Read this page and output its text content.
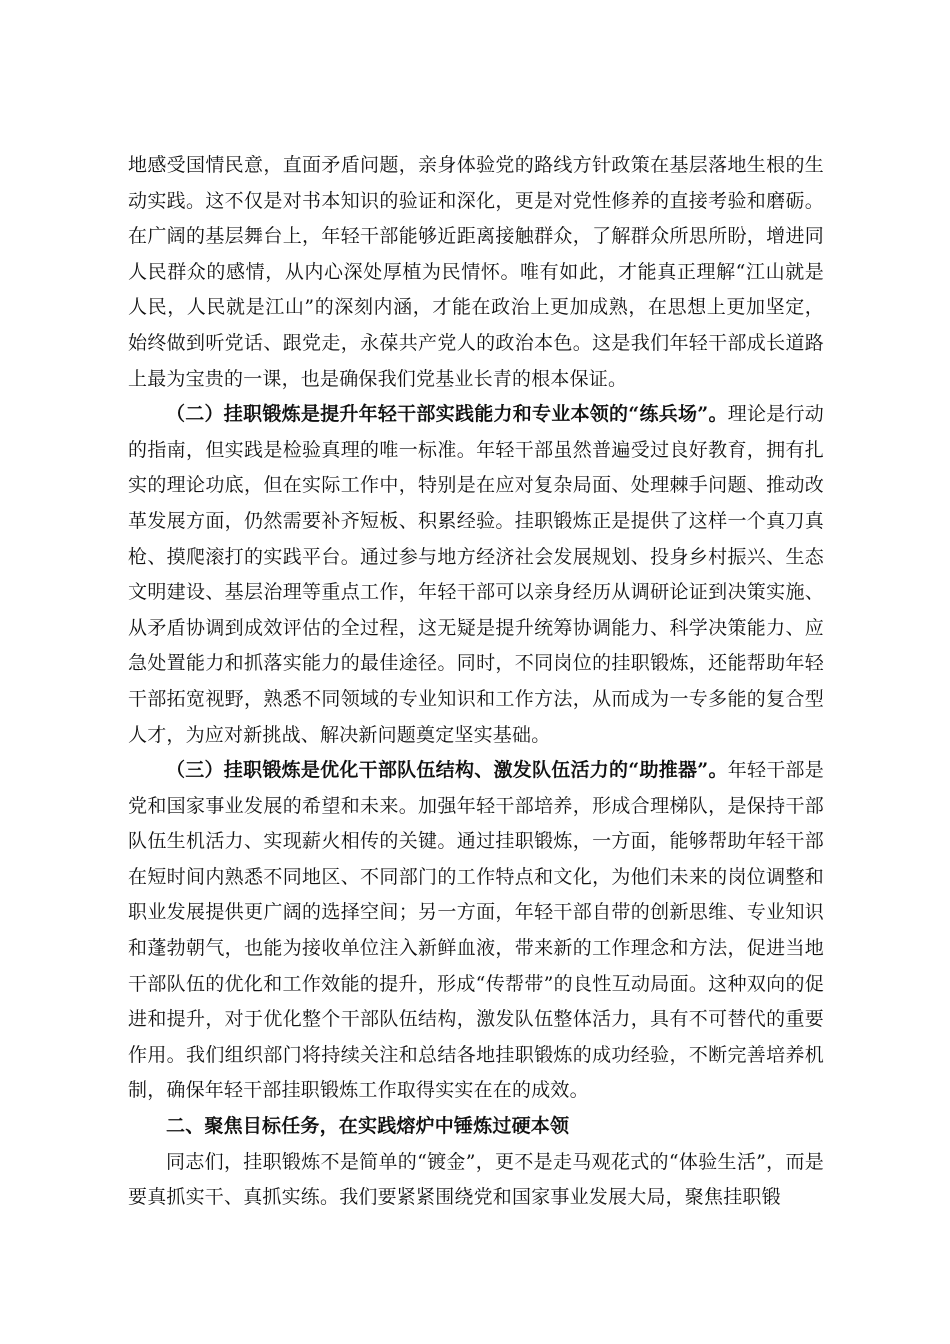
地感受国情民意，直面矛盾问题，亲身体验党的路线方针政策在基层落地生根的生动实践。这不仅是对书本知识的验证和深化，更是对党性修养的直接考验和磨砺。在广阔的基层舞台上，年轻干部能够近距离接触群众，了解群众所思所盼，增进同人民群众的感情，从内心深处厚植为民情怀。唯有如此，才能真正理解“江山就是人民，人民就是江山”的深刻内涵，才能在政治上更加成熟，在思想上更加坚定，始终做到听党话、跟党走，永葆共产党人的政治本色。这是我们年轻干部成长道路上最为宝贵的一课，也是确保我们党基业长青的根本保证。

（二）挂职锻炼是提升年轻干部实践能力和专业本领的“练兵场”。理论是行动的指南，但实践是检验真理的唯一标准。年轻干部虽然普遍受过良好教育，拥有扎实的理论功底，但在实际工作中，特别是在应对复杂局面、处理棘手问题、推动改革发展方面，仍然需要补齐短板、积累经验。挂职锻炼正是提供了这样一个真刀真枪、摸爬滚打的实践平台。通过参与地方经济社会发展规划、投身乡村振兴、生态文明建设、基层治理等重点工作，年轻干部可以亲身经历从调研论证到决策实施、从矛盾协调到成效评估的全过程，这无疑是提升统筹协调能力、科学决策能力、应急处置能力和抓落实能力的最佳途径。同时，不同岗位的挂职锻炼，还能帮助年轻干部拓宽视野，熟悉不同领域的专业知识和工作方法，从而成为一专多能的复合型人才，为应对新挑战、解决新问题奠定坚实基础。

（三）挂职锻炼是优化干部队伍结构、激发队伍活力的“助推器”。年轻干部是党和国家事业发展的希望和未来。加强年轻干部培养，形成合理梯队，是保持干部队伍生机活力、实现薪火相传的关键。通过挂职锻炼，一方面，能够帮助年轻干部在短时间内熟悉不同地区、不同部门的工作特点和文化，为他们未来的岗位调整和职业发展提供更广阔的选择空间；另一方面，年轻干部自带的创新思维、专业知识和蓬勃朝气，也能为接收单位注入新鲜血液，带来新的工作理念和方法，促进当地干部队伍的优化和工作效能的提升，形成“传帮带”的良性互动局面。这种双向的促进和提升，对于优化整个干部队伍结构，激发队伍整体活力，具有不可替代的重要作用。我们组织部门将持续关注和总结各地挂职锻炼的成功经验，不断完善培养机制，确保年轻干部挂职锻炼工作取得实实在在的成效。

二、聚焦目标任务，在实践熔炉中锤炼过硬本领

同志们，挂职锻炼不是简单的“镀金”，更不是走马观花式的“体验生活”，而是要真抓实干、真抓实练。我们要紧紧围绕党和国家事业发展大局，聚焦挂职锻
